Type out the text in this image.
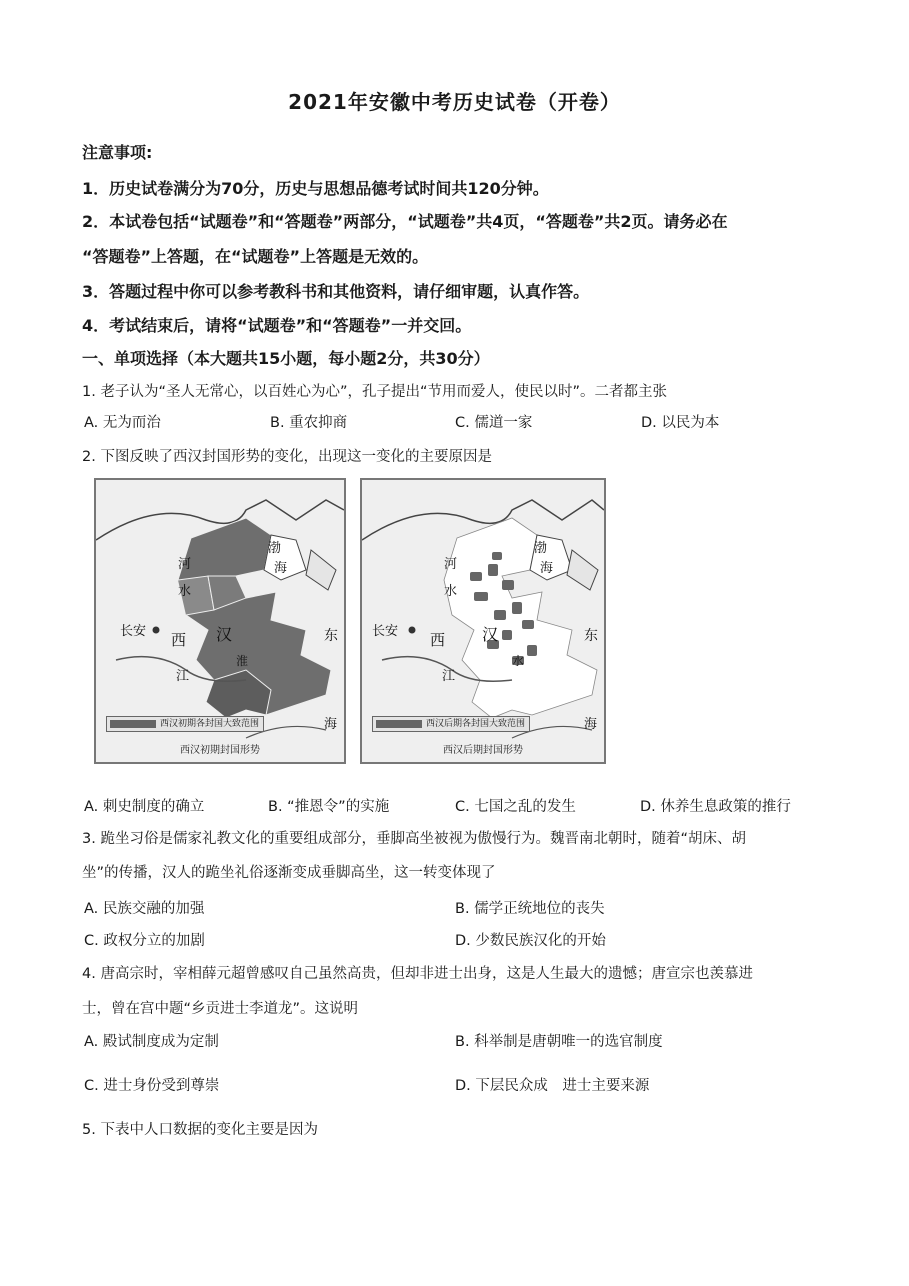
2021年安徽中考历史试卷（开卷）
注意事项:
1．历史试卷满分为70分，历史与思想品德考试时间共120分钟。
2．本试卷包括“试题卷”和“答题卷”两部分，“试题卷”共4页，“答题卷”共2页。请务必在
“答题卷”上答题，在“试题卷”上答题是无效的。
3．答题过程中你可以参考教科书和其他资料，请仔细审题，认真作答。
4．考试结束后，请将“试题卷”和“答题卷”一并交回。
一、单项选择（本大题共15小题，每小题2分，共30分）
1. 老子认为“圣人无常心，以百姓心为心”，孔子提出“节用而爱人，使民以时”。二者都主张
A. 无为而治	B. 重农抑商	C. 儒道一家	D. 以民为本
2. 下图反映了西汉封国形势的变化，出现这一变化的主要原因是
长安 西 汉
河
水
渤
海
东
江
淮
海
西汉初期各封国大致范围
西汉初期封国形势
长安 西 汉
河
水
渤
海
东
江
水
海
西汉后期各封国大致范围
西汉后期封国形势
A. 刺史制度的确立	B. “推恩令”的实施	C. 七国之乱的发生	D. 休养生息政策的推行
3. 跪坐习俗是儒家礼教文化的重要组成部分，垂脚高坐被视为傲慢行为。魏晋南北朝时，随着“胡床、胡
坐”的传播，汉人的跪坐礼俗逐渐变成垂脚高坐，这一转变体现了
A. 民族交融的加强	B. 儒学正统地位的丧失
C. 政权分立的加剧	D. 少数民族汉化的开始
4. 唐高宗时，宰相薛元超曾感叹自己虽然高贵，但却非进士出身，这是人生最大的遗憾；唐宣宗也羡慕进
士，曾在宫中题“乡贡进士李道龙”。这说明
A. 殿试制度成为定制	B. 科举制是唐朝唯一的选官制度
C. 进士身份受到尊崇	D. 下层民众成　进士主要来源
5. 下表中人口数据的变化主要是因为
